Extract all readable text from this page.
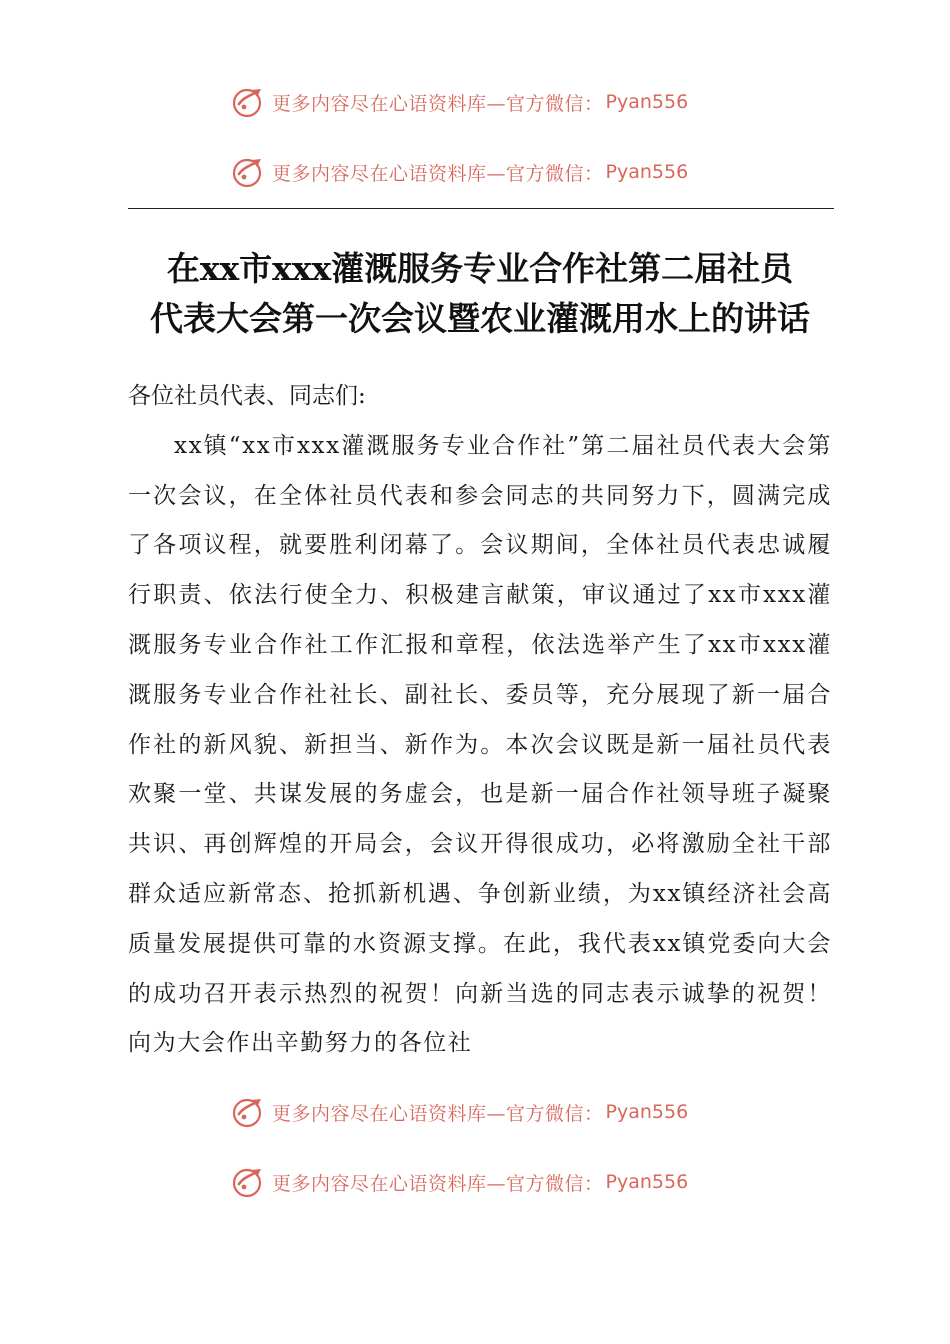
更多内容尽在心语资料库—官方微信： Pyan556
更多内容尽在心语资料库—官方微信： Pyan556
在xx市xxx灌溉服务专业合作社第二届社员
代表大会第一次会议暨农业灌溉用水上的讲话

各位社员代表、同志们:

xx镇“xx市xxx灌溉服务专业合作社”第二届社员代表大会第一次会议，在全体社员代表和参会同志的共同努力下，圆满完成了各项议程，就要胜利闭幕了。会议期间，全体社员代表忠诚履行职责、依法行使全力、积极建言献策，审议通过了xx市xxx灌溉服务专业合作社工作汇报和章程，依法选举产生了xx市xxx灌溉服务专业合作社社长、副社长、委员等，充分展现了新一届合作社的新风貌、新担当、新作为。本次会议既是新一届社员代表欢聚一堂、共谋发展的务虚会，也是新一届合作社领导班子凝聚共识、再创辉煌的开局会，会议开得很成功，必将激励全社干部群众适应新常态、抢抓新机遇、争创新业绩，为xx镇经济社会高质量发展提供可靠的水资源支撑。在此，我代表xx镇党委向大会的成功召开表示热烈的祝贺！向新当选的同志表示诚挚的祝贺！向为大会作出辛勤努力的各位社

更多内容尽在心语资料库—官方微信： Pyan556
更多内容尽在心语资料库—官方微信： Pyan556
